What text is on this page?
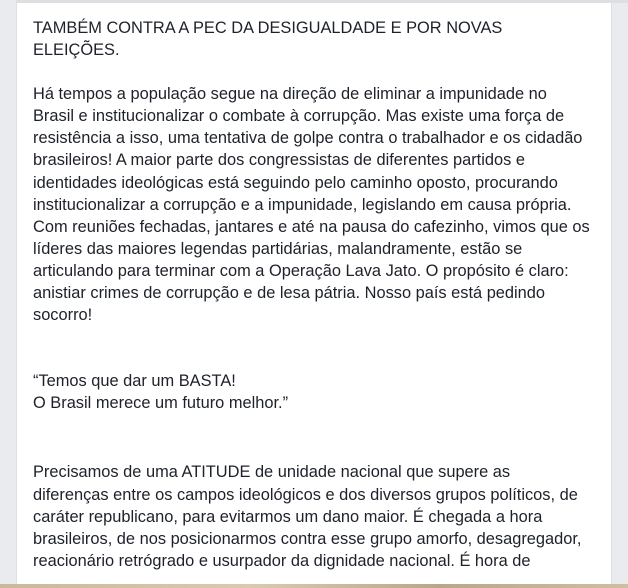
TAMBÉM CONTRA A PEC DA DESIGUALDADE E POR NOVAS
ELEIÇÕES.
Há tempos a população segue na direção de eliminar a impunidade no
Brasil e institucionalizar o combate à corrupção. Mas existe uma força de
resistência a isso, uma tentativa de golpe contra o trabalhador e os cidadão
brasileiros! A maior parte dos congressistas de diferentes partidos e
identidades ideológicas está seguindo pelo caminho oposto, procurando
institucionalizar a corrupção e a impunidade, legislando em causa própria.
Com reuniões fechadas, jantares e até na pausa do cafezinho, vimos que os
líderes das maiores legendas partidárias, malandramente, estão se
articulando para terminar com a Operação Lava Jato. O propósito é claro:
anistiar crimes de corrupção e de lesa pátria. Nosso país está pedindo
socorro!
“Temos que dar um BASTA!
O Brasil merece um futuro melhor.”
Precisamos de uma ATITUDE de unidade nacional que supere as
diferenças entre os campos ideológicos e dos diversos grupos políticos, de
caráter republicano, para evitarmos um dano maior. É chegada a hora
brasileiros, de nos posicionarmos contra esse grupo amorfo, desagregador,
reacionário retrógrado e usurpador da dignidade nacional. É hora de
